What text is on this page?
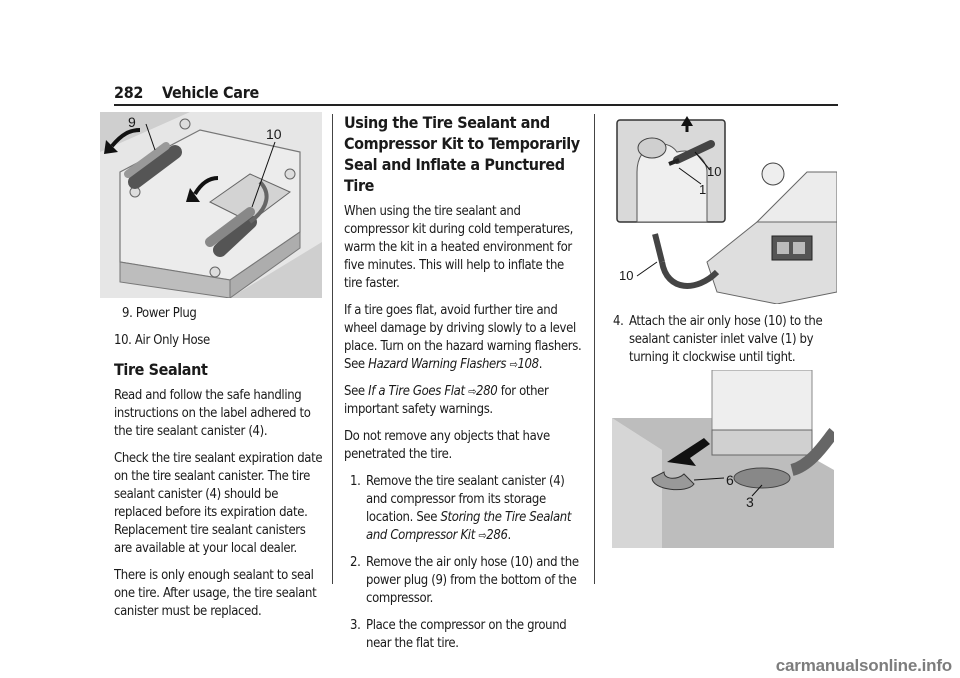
282 Vehicle Care
9
10

9. Power Plug

10. Air Only Hose

Tire Sealant

Read and follow the safe handling instructions on the label adhered to the tire sealant canister (4).

Check the tire sealant expiration date on the tire sealant canister. The tire sealant canister (4) should be replaced before its expiration date. Replacement tire sealant canisters are available at your local dealer.

There is only enough sealant to seal one tire. After usage, the tire sealant canister must be replaced.

Using the Tire Sealant and Compressor Kit to Temporarily Seal and Inflate a Punctured Tire

When using the tire sealant and compressor kit during cold temperatures, warm the kit in a heated environment for five minutes. This will help to inflate the tire faster.

If a tire goes flat, avoid further tire and wheel damage by driving slowly to a level place. Turn on the hazard warning flashers. See Hazard Warning Flashers ⇨108.

See If a Tire Goes Flat ⇨280 for other important safety warnings.

Do not remove any objects that have penetrated the tire.

1. Remove the tire sealant canister (4) and compressor from its storage location. See Storing the Tire Sealant and Compressor Kit ⇨286.
2. Remove the air only hose (10) and the power plug (9) from the bottom of the compressor.
3. Place the compressor on the ground near the flat tire.
10
1
10
4. Attach the air only hose (10) to the sealant canister inlet valve (1) by turning it clockwise until tight.
6
3
carmanualsonline.info
